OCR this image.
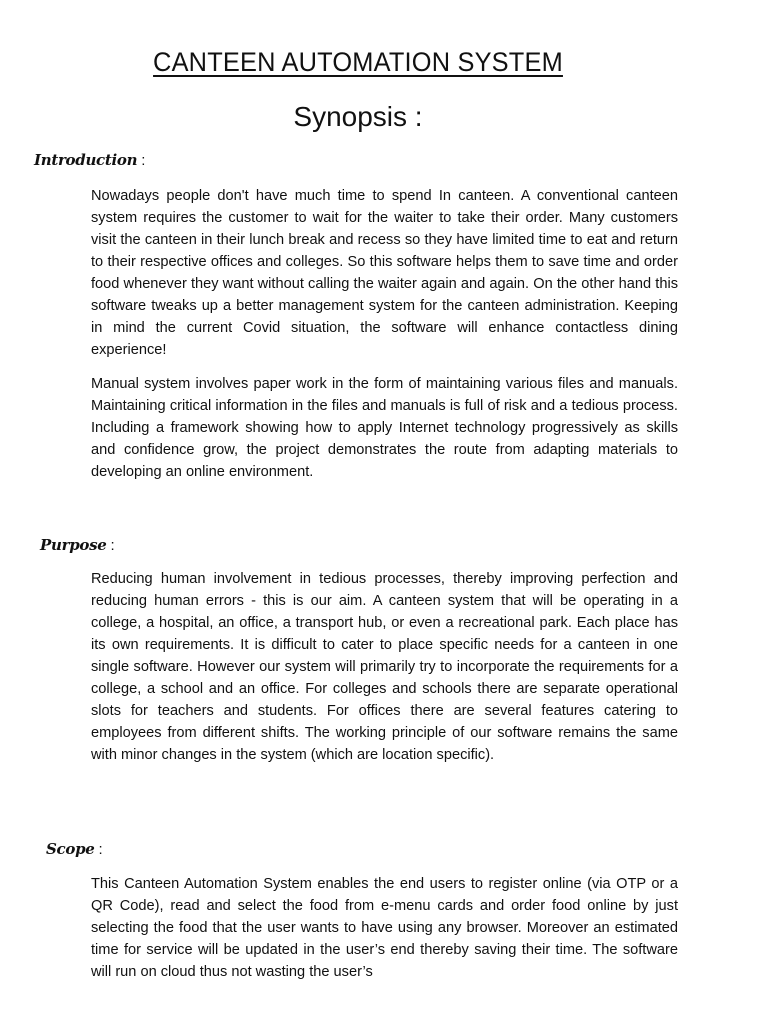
CANTEEN AUTOMATION SYSTEM
Synopsis :
Introduction :

Nowadays people don't have much time to spend In canteen. A conventional canteen system requires the customer to wait for the waiter to take their order. Many customers visit the canteen in their lunch break and recess so they have limited time to eat and return to their respective offices and colleges. So this software helps them to save time and order food whenever they want without calling the waiter again and again. On the other hand this software tweaks up a better management system for the canteen administration. Keeping in mind the current Covid situation, the software will enhance contactless dining experience!

Manual system involves paper work in the form of maintaining various files and manuals. Maintaining critical information in the files and manuals is full of risk and a tedious process. Including a framework showing how to apply Internet technology progressively as skills and confidence grow, the project demonstrates the route from adapting materials to developing an online environment.

Purpose :

Reducing human involvement in tedious processes, thereby improving perfection and reducing human errors - this is our aim. A canteen system that will be operating in a college, a hospital, an office, a transport hub, or even a recreational park. Each place has its own requirements. It is difficult to cater to place specific needs for a canteen in one single software. However our system will primarily try to incorporate the requirements for a college, a school and an office. For colleges and schools there are separate operational slots for teachers and students. For offices there are several features catering to employees from different shifts. The working principle of our software remains the same with minor changes in the system (which are location specific).

Scope :

This Canteen Automation System enables the end users to register online (via OTP or a QR Code), read and select the food from e-menu cards and order food online by just selecting the food that the user wants to have using any browser. Moreover an estimated time for service will be updated in the user’s end thereby saving their time. The software will run on cloud thus not wasting the user’s
